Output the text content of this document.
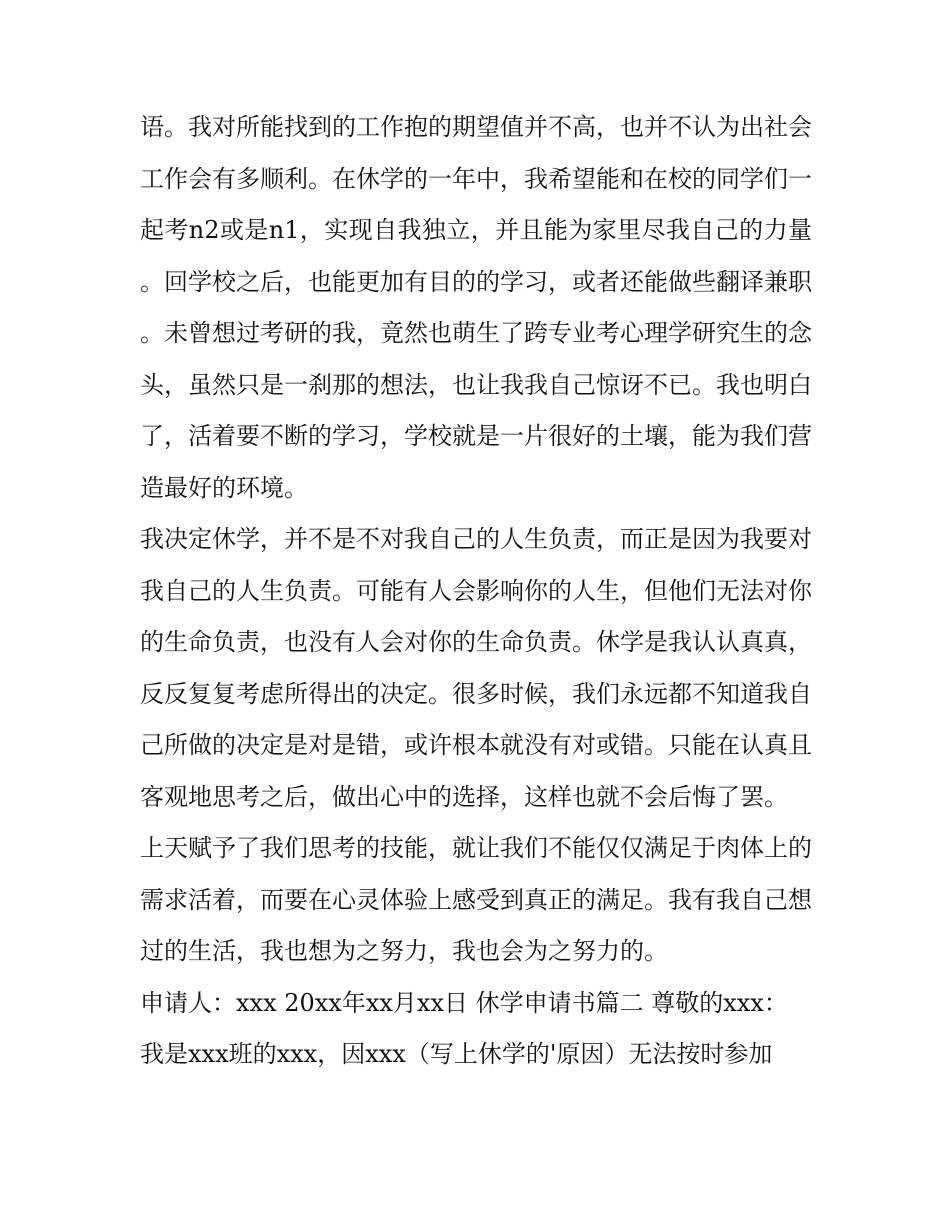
语。我对所能找到的工作抱的期望值并不高，也并不认为出社会工作会有多顺利。在休学的一年中，我希望能和在校的同学们一起考n2或是n1，实现自我独立，并且能为家里尽我自己的力量。回学校之后，也能更加有目的的学习，或者还能做些翻译兼职。未曾想过考研的我，竟然也萌生了跨专业考心理学研究生的念头，虽然只是一刹那的想法，也让我我自己惊讶不已。我也明白了，活着要不断的学习，学校就是一片很好的土壤，能为我们营造最好的环境。

我决定休学，并不是不对我自己的人生负责，而正是因为我要对我自己的人生负责。可能有人会影响你的人生，但他们无法对你的生命负责，也没有人会对你的生命负责。休学是我认认真真，反反复复考虑所得出的决定。很多时候，我们永远都不知道我自己所做的决定是对是错，或许根本就没有对或错。只能在认真且客观地思考之后，做出心中的选择，这样也就不会后悔了罢。

上天赋予了我们思考的技能，就让我们不能仅仅满足于肉体上的需求活着，而要在心灵体验上感受到真正的满足。我有我自己想过的生活，我也想为之努力，我也会为之努力的。

申请人：xxx 20xx年xx月xx日 休学申请书篇二 尊敬的xxx：

我是xxx班的xxx，因xxx（写上休学的'原因）无法按时参加
